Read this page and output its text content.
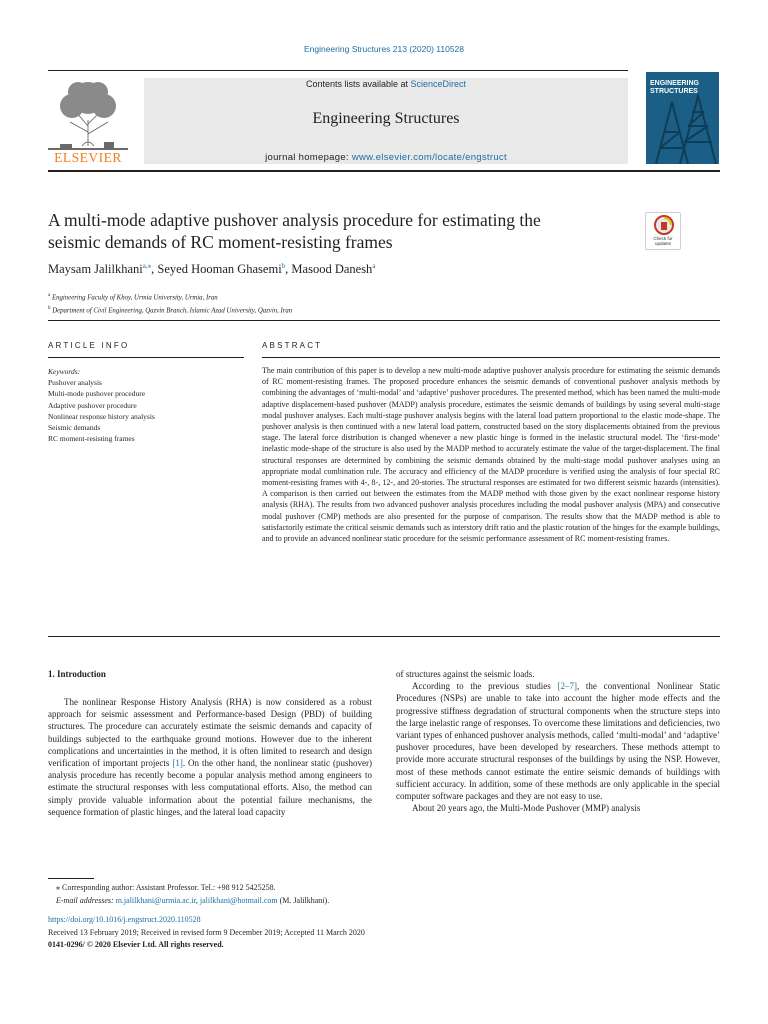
Engineering Structures 213 (2020) 110528
ELSEVIER
Contents lists available at ScienceDirect
Engineering Structures
journal homepage: www.elsevier.com/locate/engstruct
ENGINEERING
STRUCTURES
A multi-mode adaptive pushover analysis procedure for estimating the
seismic demands of RC moment-resisting frames	Check for
updates
Maysam Jalilkhani$^{a,⁎}$, Seyed Hooman Ghasemi$^b$, Masood Danesh$^a$
$^a$ Engineering Faculty of Khoy, Urmia University, Urmia, Iran
$^b$ Department of Civil Engineering, Qazvin Branch, Islamic Azad University, Qazvin, Iran
ARTICLE INFO	ABSTRACT
Keywords:
Pushover analysis
Multi-mode pushover procedure
Adaptive pushover procedure
Nonlinear response history analysis
Seismic demands
RC moment-resisting frames
The main contribution of this paper is to develop a new multi-mode adaptive pushover analysis procedure for estimating the seismic demands of RC moment-resisting frames. The proposed procedure enhances the seismic demands of conventional pushover analysis methods by combining the advantages of ‘multi-modal’ and ‘adaptive’ pushover procedures. The presented method, which has been named the multi-mode adaptive displacement-based pushover (MADP) analysis procedure, estimates the seismic demands of buildings by using several multi-stage modal pushover analyses. Each multi-stage pushover analysis begins with the lateral load pattern proportional to the elastic mode-shape. The pushover analysis is then continued with a new lateral load pattern, constructed based on the story displacements obtained from the previous stage. The lateral force distribution is changed whenever a new plastic hinge is formed in the inelastic structural model. The ‘first-mode’ inelastic mode-shape of the structure is also used by the MADP method to accurately estimate the value of the target-displacement. The final structural responses are determined by combining the seismic demands obtained by the multi-stage modal pushover analyses using an appropriate modal combination rule. The accuracy and efficiency of the MADP procedure is verified using the analysis of four special RC moment-resisting frames with 4-, 8-, 12-, and 20-stories. The structural responses are estimated for two different seismic hazards (intensities). A comparison is then carried out between the estimates from the MADP method with those given by the exact nonlinear response history analysis (RHA). The results from two advanced pushover analysis procedures including the modal pushover analysis (MPA) and consecutive modal pushover (CMP) methods are also presented for the purpose of comparison. The results show that the MADP method is able to satisfactorily estimate the critical seismic demands such as interstory drift ratio and the plastic rotation of the hinges for the example buildings, and to provide an advanced nonlinear static procedure for the seismic performance assessment of RC moment-resisting frames.
1. Introduction

The nonlinear Response History Analysis (RHA) is now considered as a robust approach for seismic assessment and Performance-based Design (PBD) of building structures. The procedure can accurately estimate the seismic demands and capacity of buildings subjected to the earthquake ground motions. However due to the inherent complications and uncertainties in the method, it is often limited to research and design verification of important projects [1]. On the other hand, the nonlinear static (pushover) analysis procedure has recently become a popular analysis method among engineers to estimate the structural responses with less computational efforts. Also, the method can simply provide valuable information about the potential failure mechanisms, the sequence formation of plastic hinges, and the lateral load capacity

of structures against the seismic loads.

According to the previous studies [2–7], the conventional Nonlinear Static Procedures (NSPs) are unable to take into account the higher mode effects and the progressive stiffness degradation of structural components when the structure steps into the large inelastic range of responses. To overcome these limitations and deficiencies, two variant types of enhanced pushover analysis methods, called ‘multi-modal’ and ‘adaptive’ pushover procedures, have been developed by researchers. These methods attempt to provide more accurate structural responses of the buildings by using the NSP. However, most of these methods cannot estimate the entire seismic demands of buildings with sufficient accuracy. In addition, some of these methods are only applicable in the special computer software packages and they are not easy to use.

About 20 years ago, the Multi-Mode Pushover (MMP) analysis

⁎ Corresponding author: Assistant Professor. Tel.: +98 912 5425258.
E-mail addresses: m.jalilkhani@urmia.ac.ir, jalilkhani@hotmail.com (M. Jalilkhani).
https://doi.org/10.1016/j.engstruct.2020.110528
Received 13 February 2019; Received in revised form 9 December 2019; Accepted 11 March 2020
0141-0296/ © 2020 Elsevier Ltd. All rights reserved.
